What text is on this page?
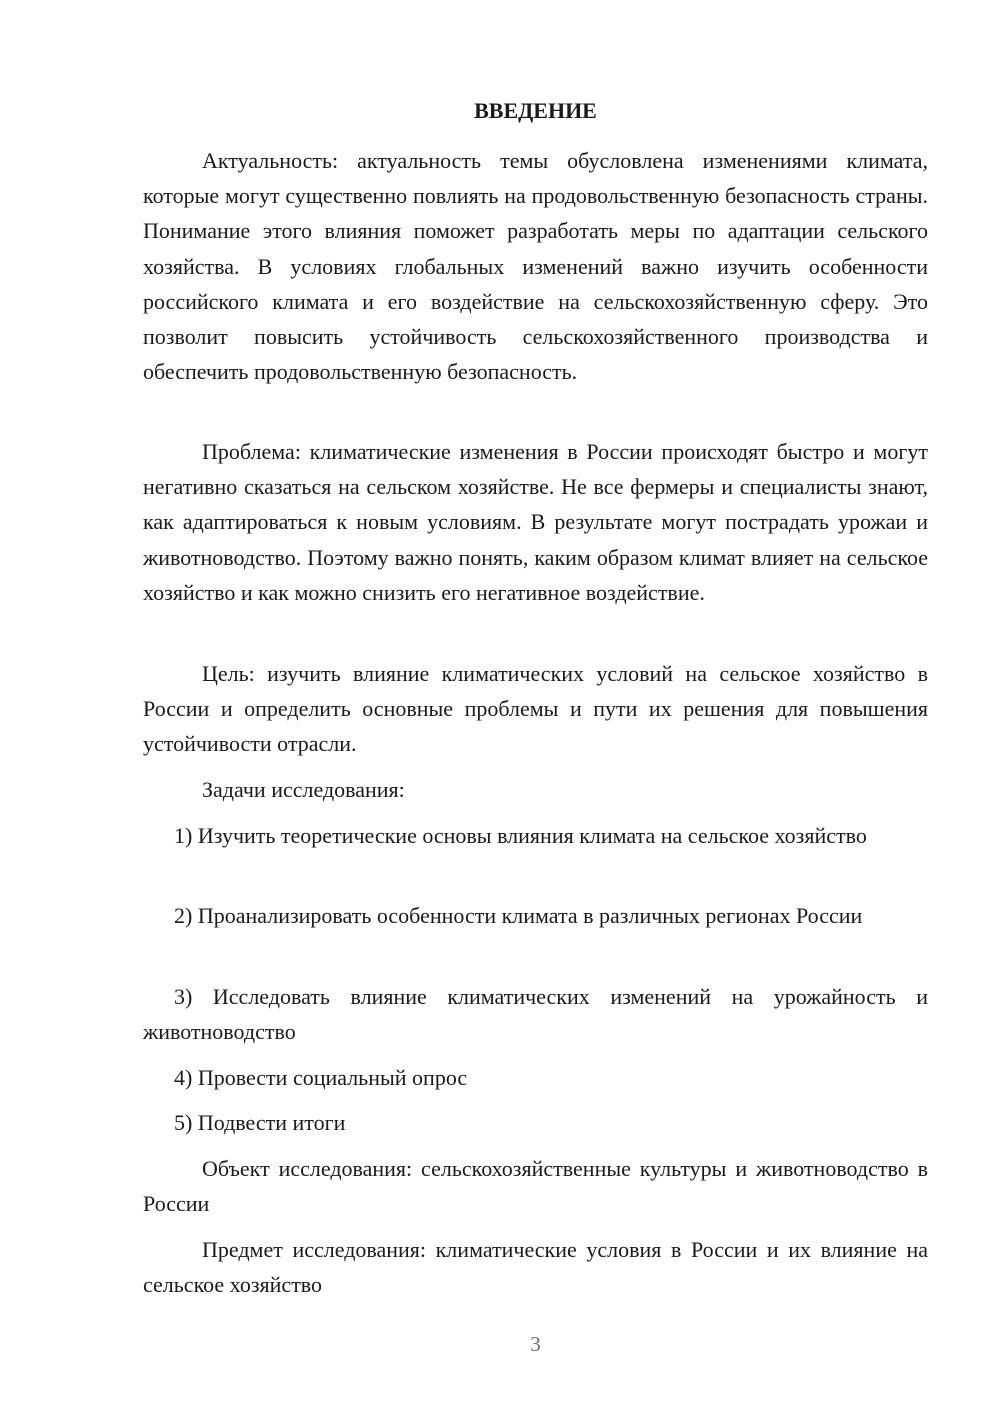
ВВЕДЕНИЕ

Актуальность: актуальность темы обусловлена изменениями климата, которые могут существенно повлиять на продовольственную безопасность страны. Понимание этого влияния поможет разработать меры по адаптации сельского хозяйства. В условиях глобальных изменений важно изучить особенности российского климата и его воздействие на сельскохозяйственную сферу. Это позволит повысить устойчивость сельскохозяйственного производства и обеспечить продовольственную безопасность.

Проблема: климатические изменения в России происходят быстро и могут негативно сказаться на сельском хозяйстве. Не все фермеры и специалисты знают, как адаптироваться к новым условиям. В результате могут пострадать урожаи и животноводство. Поэтому важно понять, каким образом климат влияет на сельское хозяйство и как можно снизить его негативное воздействие.

Цель: изучить влияние климатических условий на сельское хозяйство в России и определить основные проблемы и пути их решения для повышения устойчивости отрасли.

Задачи исследования:

1) Изучить теоретические основы влияния климата на сельское хозяйство

2) Проанализировать особенности климата в различных регионах России

3) Исследовать влияние климатических изменений на урожайность и животноводство

4) Провести социальный опрос

5) Подвести итоги

Объект исследования: сельскохозяйственные культуры и животноводство в России

Предмет исследования: климатические условия в России и их влияние на сельское хозяйство

3
